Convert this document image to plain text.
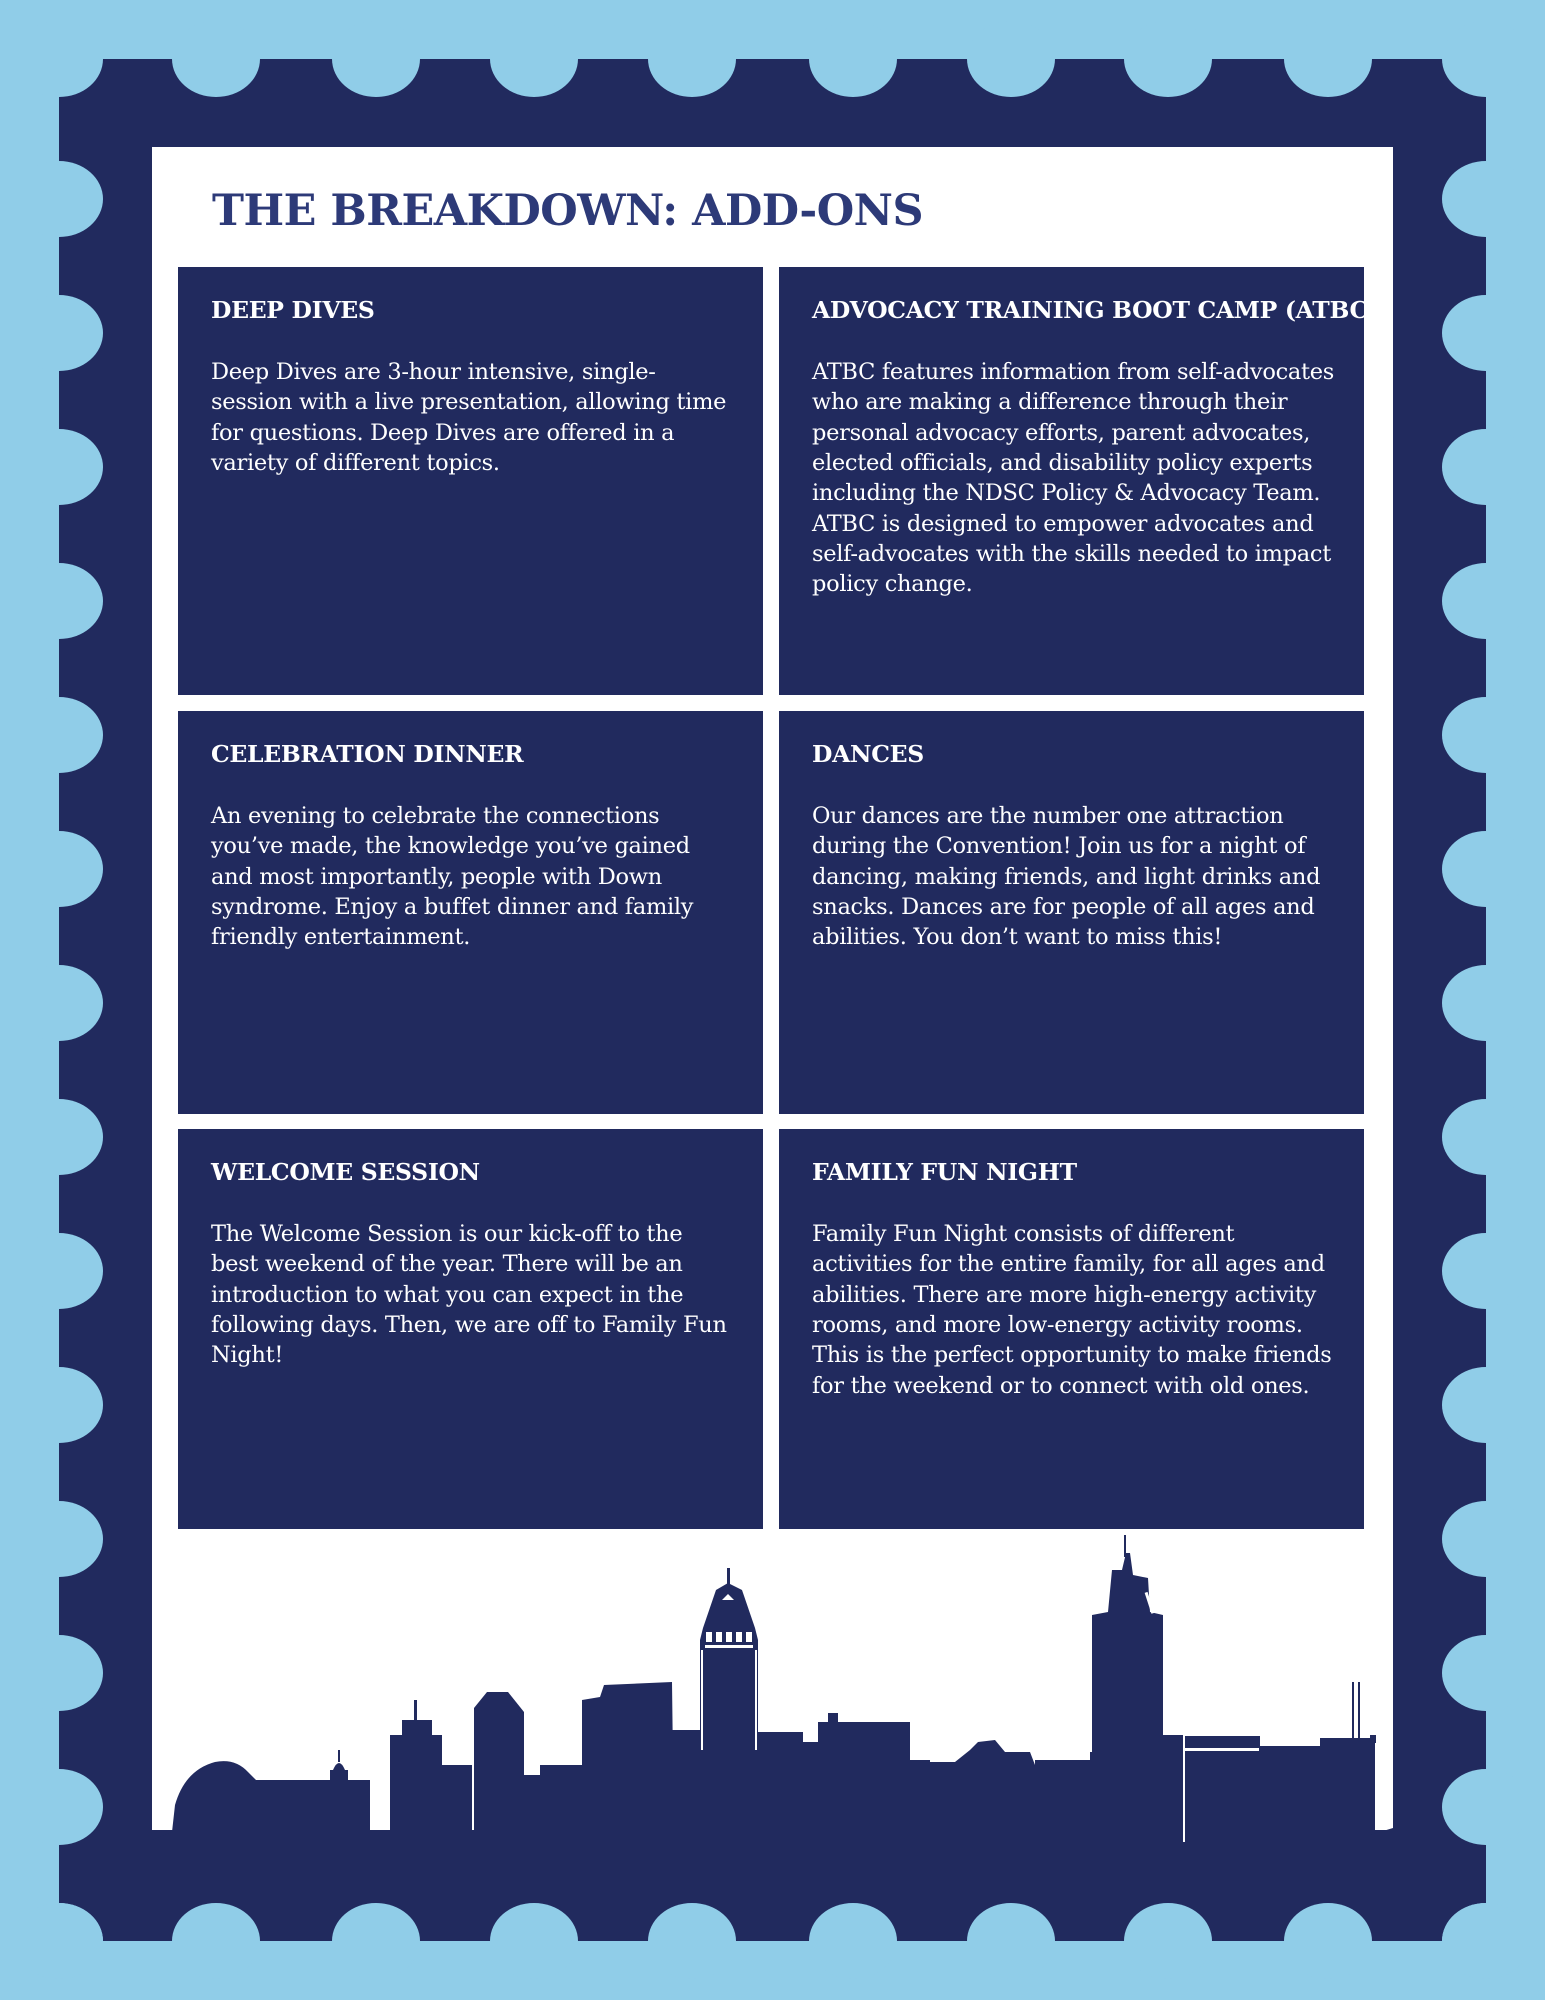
THE BREAKDOWN: ADD-ONS
DEEP DIVES

Deep Dives are 3-hour intensive, single-session with a live presentation, allowing time for questions. Deep Dives are offered in a variety of different topics.

ADVOCACY TRAINING BOOT CAMP (ATBC)

ATBC features information from self-advocates who are making a difference through their personal advocacy efforts, parent advocates, elected officials, and disability policy experts including the NDSC Policy & Advocacy Team. ATBC is designed to empower advocates and self-advocates with the skills needed to impact policy change.

CELEBRATION DINNER

An evening to celebrate the connections you’ve made, the knowledge you’ve gained and most importantly, people with Down syndrome. Enjoy a buffet dinner and family friendly entertainment.

DANCES

Our dances are the number one attraction during the Convention! Join us for a night of dancing, making friends, and light drinks and snacks. Dances are for people of all ages and abilities. You don’t want to miss this!

WELCOME SESSION

The Welcome Session is our kick-off to the best weekend of the year. There will be an introduction to what you can expect in the following days. Then, we are off to Family Fun Night!

FAMILY FUN NIGHT

Family Fun Night consists of different activities for the entire family, for all ages and abilities. There are more high-energy activity rooms, and more low-energy activity rooms. This is the perfect opportunity to make friends for the weekend or to connect with old ones.
